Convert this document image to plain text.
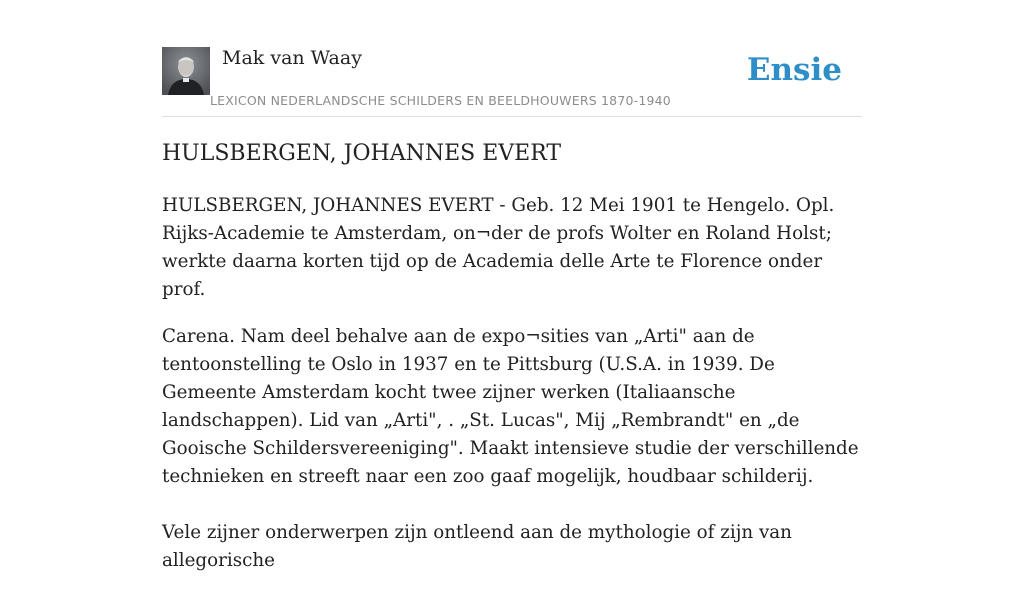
Mak van Waay
LEXICON NEDERLANDSCHE SCHILDERS EN BEELDHOUWERS 1870-1940
Ensie
HULSBERGEN, JOHANNES EVERT

HULSBERGEN, JOHANNES EVERT - Geb. 12 Mei 1901 te Hengelo. Opl. Rijks-Academie te Amsterdam, on¬der de profs Wolter en Roland Holst; werkte daarna korten tijd op de Academia delle Arte te Florence onder prof.

Carena. Nam deel behalve aan de expo¬sities van „Arti" aan de tentoonstelling te Oslo in 1937 en te Pittsburg (U.S.A. in 1939. De Gemeente Amsterdam kocht twee zijner werken (Italiaansche landschappen). Lid van „Arti", . „St. Lucas", Mij „Rembrandt" en „de Gooische Schildersvereeniging". Maakt intensieve studie der verschillende technieken en streeft naar een zoo gaaf mogelijk, houdbaar schilderij.

Vele zijner onderwerpen zijn ontleend aan de mythologie of zijn van allegorische
